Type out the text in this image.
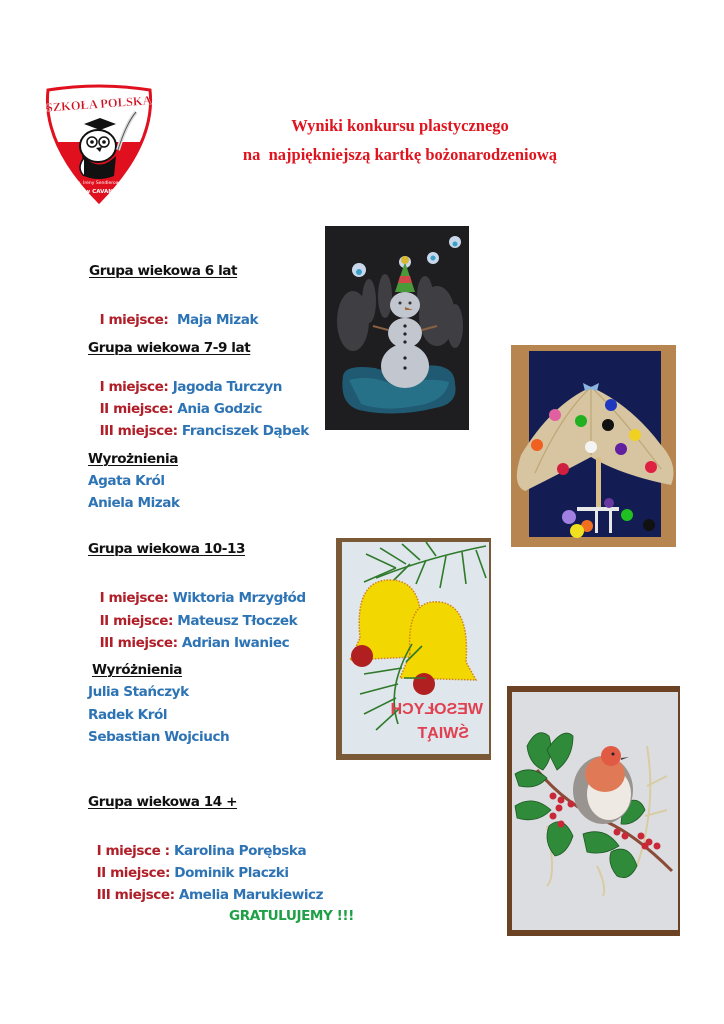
SZKOŁA POLSKA
im. Ireny Sendlerowej
w CAVAN
Wyniki konkursu plastycznego
na  najpiękniejszą kartkę bożonarodzeniową
Grupa wiekowa 6 lat

I miejsce: Maja Mizak

Grupa wiekowa 7-9 lat

I miejsce: Jagoda Turczyn

II miejsce: Ania Godzic

III miejsce: Franciszek Dąbek

Wyrożnienia
Agata Król
Aniela Mizak
Grupa wiekowa 10-13

I miejsce: Wiktoria Mrzygłód

II miejsce: Mateusz Tłoczek

III miejsce: Adrian Iwaniec

Wyróżnienia
Julia Stańczyk
Radek Król
Sebastian Wojciuch
Grupa wiekowa 14 +

I miejsce : Karolina Porębska

II miejsce: Dominik Placzki

III miejsce: Amelia Marukiewicz

GRATULUJEMY !!!
WESOŁYCH
ŚWIĄT
